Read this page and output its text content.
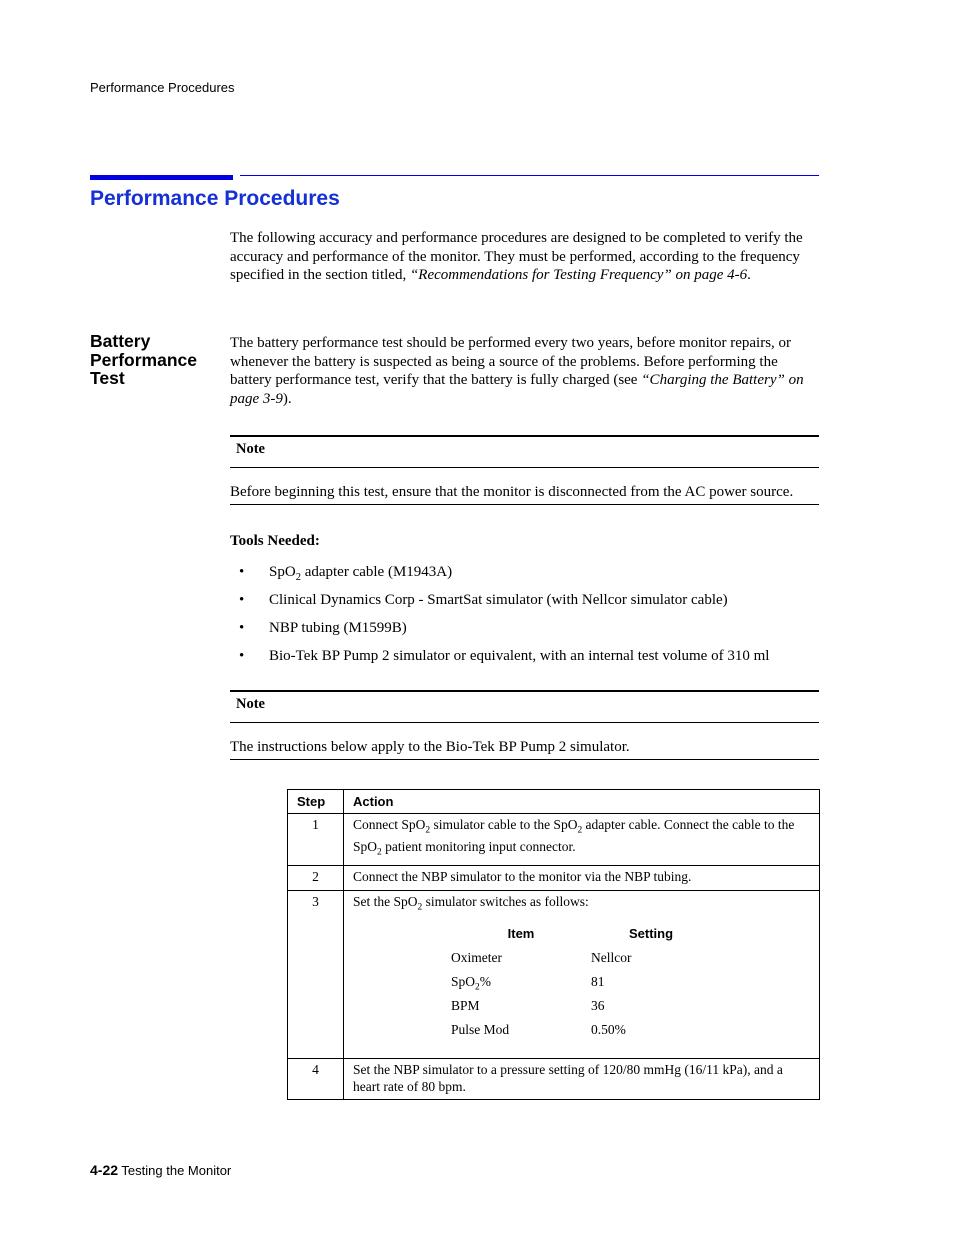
Performance Procedures
Performance Procedures
The following accuracy and performance procedures are designed to be completed to verify the accuracy and performance of the monitor. They must be performed, according to the frequency specified in the section titled, “Recommendations for Testing Frequency” on page 4-6.
Battery Performance Test
The battery performance test should be performed every two years, before monitor repairs, or whenever the battery is suspected as being a source of the problems. Before performing the battery performance test, verify that the battery is fully charged (see “Charging the Battery” on page 3-9).
Note
Before beginning this test, ensure that the monitor is disconnected from the AC power source.
Tools Needed:
• SpO$_2$ adapter cable (M1943A)
• Clinical Dynamics Corp - SmartSat simulator (with Nellcor simulator cable)
• NBP tubing (M1599B)
• Bio-Tek BP Pump 2 simulator or equivalent, with an internal test volume of 310 ml
Note
The instructions below apply to the Bio-Tek BP Pump 2 simulator.
Step	Action
1	Connect SpO$_2$ simulator cable to the SpO$_2$ adapter cable. Connect the cable to the SpO$_2$ patient monitoring input connector.
2	Connect the NBP simulator to the monitor via the NBP tubing.
3	Set the SpO$_2$ simulator switches as follows:
Item	Setting
Oximeter	Nellcor
SpO$_2$%	81
BPM	36
Pulse Mod	0.50%

4	Set the NBP simulator to a pressure setting of 120/80 mmHg (16/11 kPa), and a heart rate of 80 bpm.
4-22 Testing the Monitor
